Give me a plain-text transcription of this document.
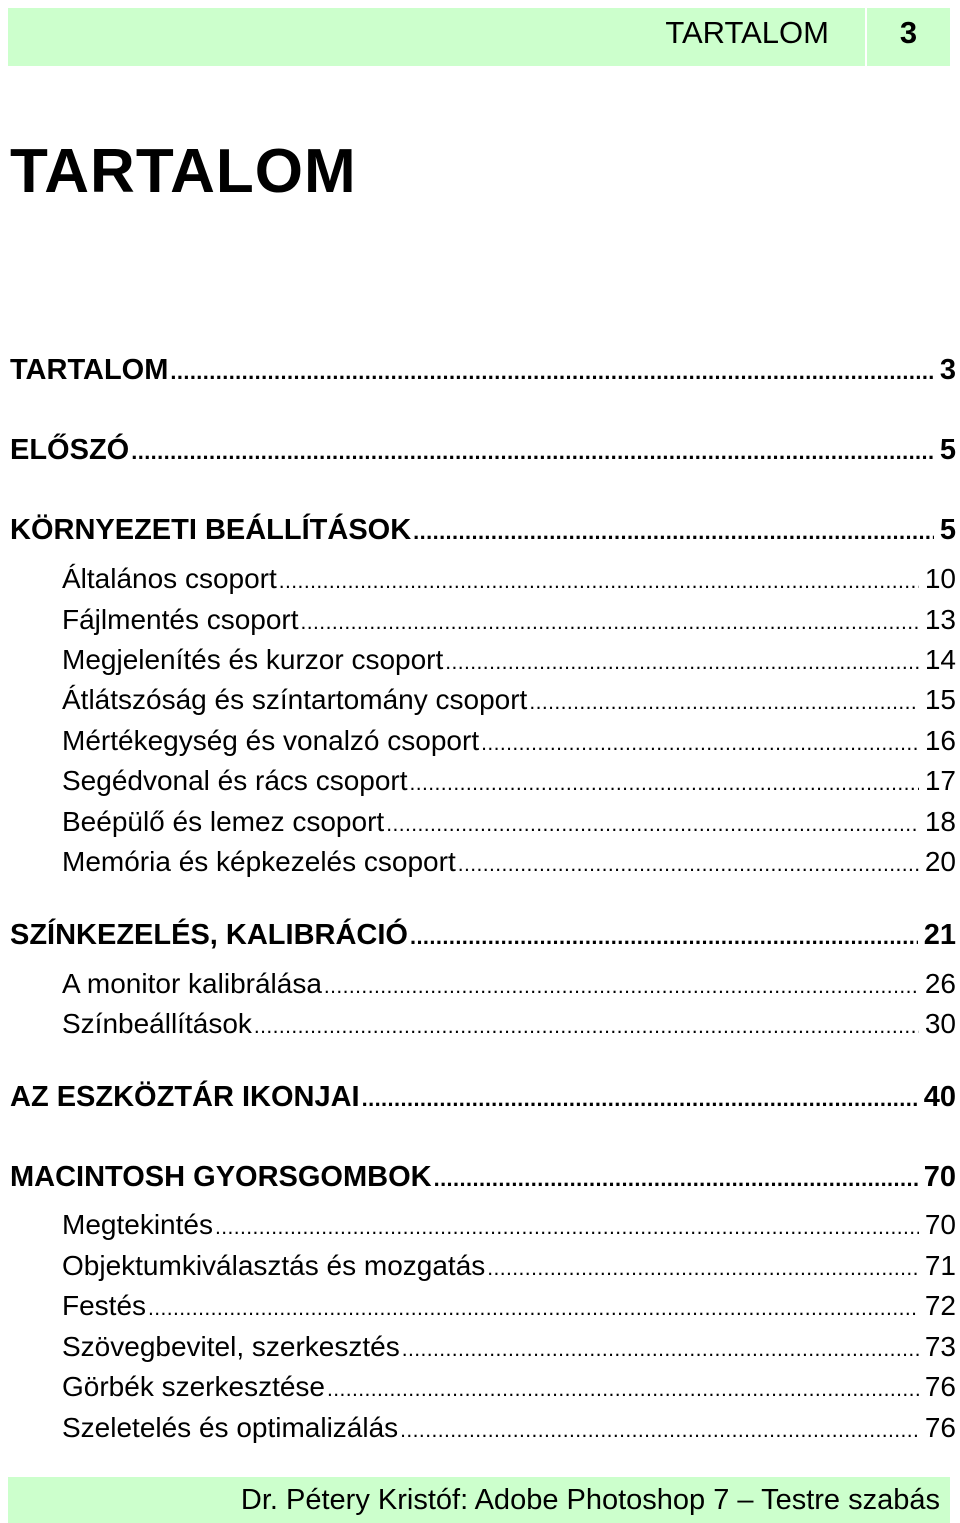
TARTALOM	3
TARTALOM
TARTALOM .....	3
ELŐSZÓ .....	5
KÖRNYEZETI BEÁLLÍTÁSOK .....	5
Általános csoport .....	10
Fájlmentés csoport .....	13
Megjelenítés és kurzor csoport .....	14
Átlátszóság és színtartomány csoport .....	15
Mértékegység és vonalzó csoport .....	16
Segédvonal és rács csoport .....	17
Beépülő és lemez csoport .....	18
Memória és képkezelés csoport .....	20
SZÍNKEZELÉS, KALIBRÁCIÓ .....	21
A monitor kalibrálása .....	26
Színbeállítások .....	30
AZ ESZKÖZTÁR IKONJAI .....	40
MACINTOSH GYORSGOMBOK .....	70
Megtekintés .....	70
Objektumkiválasztás és mozgatás .....	71
Festés .....	72
Szövegbevitel, szerkesztés .....	73
Görbék szerkesztése .....	76
Szeletelés és optimalizálás .....	76
Dr. Pétery Kristóf: Adobe Photoshop 7 – Testre szabás
